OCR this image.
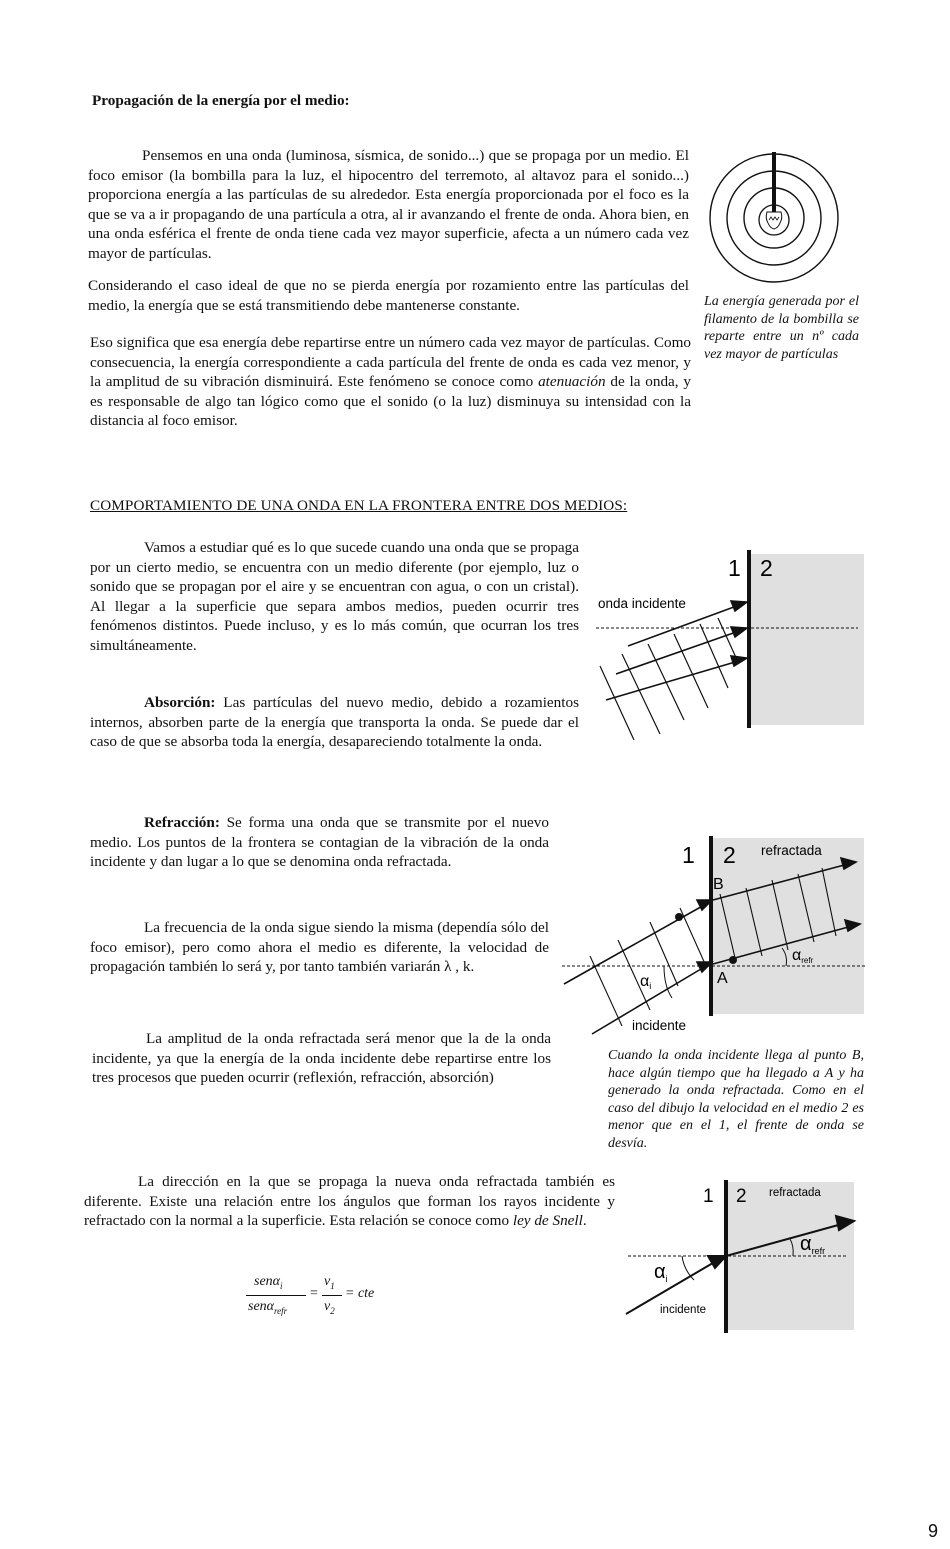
Propagación de la energía por el medio:

Pensemos en una onda (luminosa, sísmica, de sonido...) que se propaga por un medio. El foco emisor (la bombilla para la luz, el hipocentro del terremoto, al altavoz para el sonido...) proporciona energía a las partículas de su alrededor. Esta energía proporcionada por el foco es la que se va a ir propagando de una partícula a otra, al ir avanzando el frente de onda. Ahora bien, en una onda esférica el frente de onda tiene cada vez mayor superficie, afecta a un número cada vez mayor de partículas.

Considerando el caso ideal de que no se pierda energía por rozamiento entre las partículas del medio, la energía que se está transmitiendo debe mantenerse constante.

Eso significa que esa energía debe repartirse entre un número cada vez mayor de partículas. Como consecuencia, la energía correspondiente a cada partícula del frente de onda es cada vez menor, y la amplitud de su vibración disminuirá. Este fenómeno se conoce como atenuación de la onda, y es responsable de algo tan lógico como que el sonido (o la luz) disminuya su intensidad con la distancia al foco emisor.

La energía generada por el filamento de la bombilla se reparte entre un nº cada vez mayor de partículas

COMPORTAMIENTO DE UNA ONDA EN LA FRONTERA ENTRE DOS MEDIOS:

Vamos a estudiar qué es lo que sucede cuando una onda que se propaga por un cierto medio, se encuentra con un medio diferente (por ejemplo, luz o sonido que se propagan por el aire y se encuentran con agua, o con un cristal). Al llegar a la superficie que separa ambos medios, pueden ocurrir tres fenómenos distintos. Puede incluso, y es lo más común, que ocurran los tres simultáneamente.

Absorción: Las partículas del nuevo medio, debido a rozamientos internos, absorben parte de la energía que transporta la onda. Se puede dar el caso de que se absorba toda la energía, desapareciendo totalmente la onda.

1 2
onda incidente

Refracción: Se forma una onda que se transmite por el nuevo medio. Los puntos de la frontera se contagian de la vibración de la onda incidente y dan lugar a lo que se denomina onda refractada.

La frecuencia de la onda sigue siendo la misma (dependía sólo del foco emisor), pero como ahora el medio es diferente, la velocidad de propagación también lo será y, por tanto también variarán λ , k.

La amplitud de la onda refractada será menor que la de la onda incidente, ya que la energía de la onda incidente debe repartirse entre los tres procesos que pueden ocurrir (reflexión, refracción, absorción)

1 2 refractada
B
A
incidente
αi
αrefr

Cuando la onda incidente llega al punto B, hace algún tiempo que ha llegado a A y ha generado la onda refractada. Como en el caso del dibujo la velocidad en el medio 2 es menor que en el 1, el frente de onda se desvía.

La dirección en la que se propaga la nueva onda refractada también es diferente. Existe una relación entre los ángulos que forman los rayos incidente y refractado con la normal a la superficie. Esta relación se conoce como ley de Snell.

senα$_i$
senα$_{refr}$
=
$v_1$
$v_2$
= cte
1 2 refractada
incidente
$\alpha_i$
$\alpha_{refr}$
9
